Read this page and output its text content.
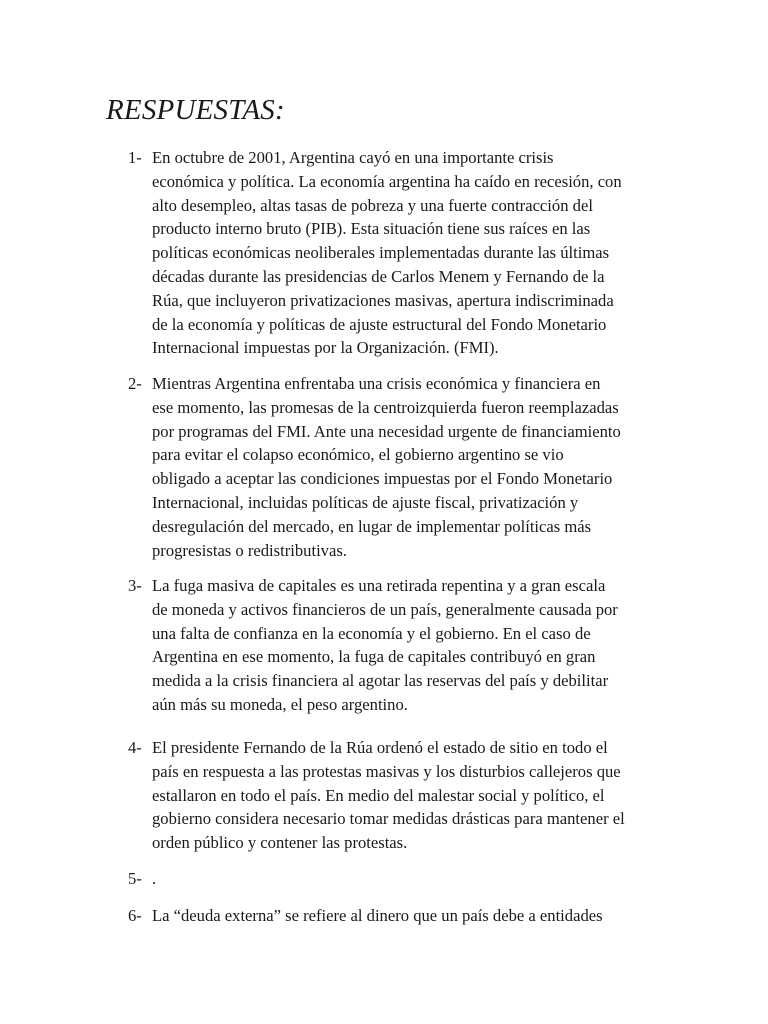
RESPUESTAS:
1- En octubre de 2001, Argentina cayó en una importante crisis
económica y política. La economía argentina ha caído en recesión, con
alto desempleo, altas tasas de pobreza y una fuerte contracción del
producto interno bruto (PIB). Esta situación tiene sus raíces en las
políticas económicas neoliberales implementadas durante las últimas
décadas durante las presidencias de Carlos Menem y Fernando de la
Rúa, que incluyeron privatizaciones masivas, apertura indiscriminada
de la economía y políticas de ajuste estructural del Fondo Monetario
Internacional impuestas por la Organización. (FMI).
2- Mientras Argentina enfrentaba una crisis económica y financiera en
ese momento, las promesas de la centroizquierda fueron reemplazadas
por programas del FMI. Ante una necesidad urgente de financiamiento
para evitar el colapso económico, el gobierno argentino se vio
obligado a aceptar las condiciones impuestas por el Fondo Monetario
Internacional, incluidas políticas de ajuste fiscal, privatización y
desregulación del mercado, en lugar de implementar políticas más
progresistas o redistributivas.
3- La fuga masiva de capitales es una retirada repentina y a gran escala
de moneda y activos financieros de un país, generalmente causada por
una falta de confianza en la economía y el gobierno. En el caso de
Argentina en ese momento, la fuga de capitales contribuyó en gran
medida a la crisis financiera al agotar las reservas del país y debilitar
aún más su moneda, el peso argentino.
4- El presidente Fernando de la Rúa ordenó el estado de sitio en todo el
país en respuesta a las protestas masivas y los disturbios callejeros que
estallaron en todo el país. En medio del malestar social y político, el
gobierno considera necesario tomar medidas drásticas para mantener el
orden público y contener las protestas.
5- .
6- La “deuda externa” se refiere al dinero que un país debe a entidades
